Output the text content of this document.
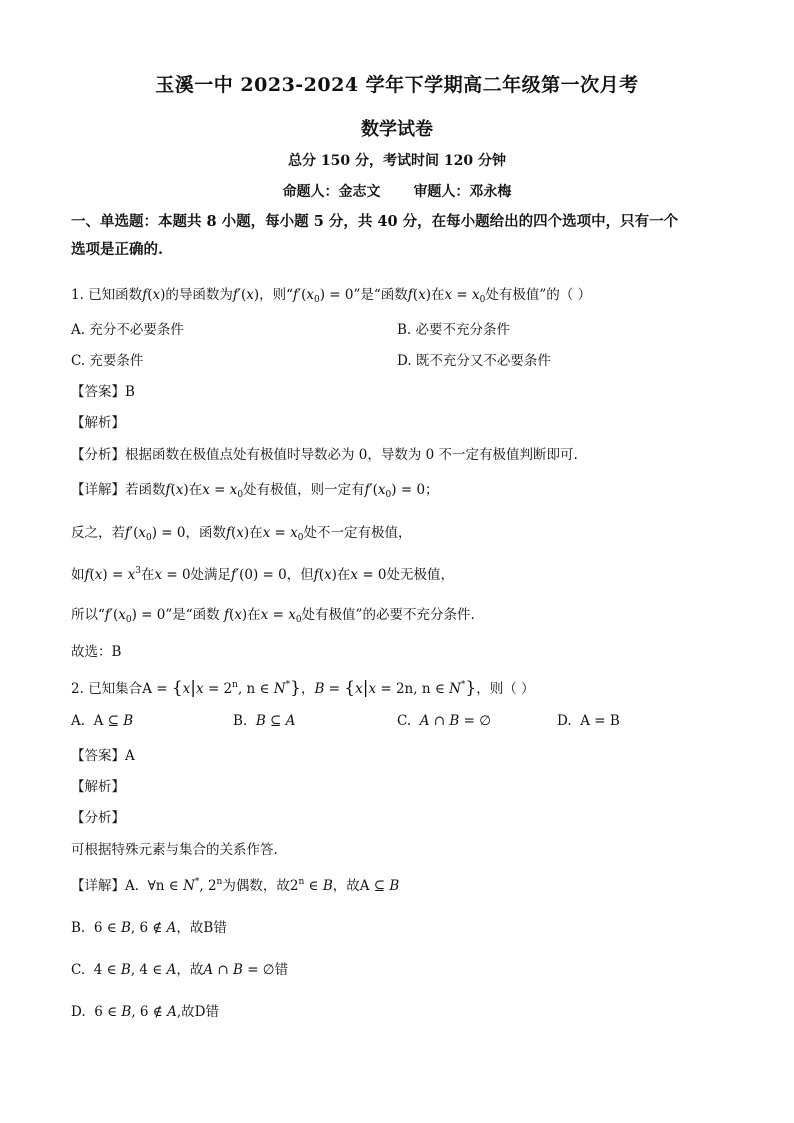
玉溪一中 2023-2024 学年下学期高二年级第一次月考
数学试卷
总分 150 分，考试时间 120 分钟
命题人：金志文 审题人：邓永梅
一、单选题：本题共 8 小题，每小题 5 分，共 40 分，在每小题给出的四个选项中，只有一个
选项是正确的.
1. 已知函数f(x)的导函数为f′(x)，则“$f'(x_0) = 0$”是“函数f(x)在$x = x_0$处有极值”的（ ）
A. 充分不必要条件	B. 必要不充分条件
C. 充要条件	D. 既不充分又不必要条件
【答案】B
【解析】
【分析】根据函数在极值点处有极值时导数必为 0，导数为 0 不一定有极值判断即可.
【详解】若函数f(x)在$x = x_0$处有极值，则一定有$f'(x_0) = 0$；
反之，若$f'(x_0) = 0$，函数f(x)在$x = x_0$处不一定有极值，
如$f(x) = x^3$在x = 0处满足f′(0) = 0，但f(x)在x = 0处无极值，
所以“$f'(x_0) = 0$”是“函数 f(x)在$x = x_0$处有极值”的必要不充分条件.
故选：B
2. 已知集合$A = \{x|x = 2^n$, n ∈ N*}，B = {x|x = 2n, n ∈ N*}，则（ ）
A. A ⊆ B	B. B ⊆ A	C. A ∩ B = ∅	D. A = B
【答案】A
【解析】
【分析】
可根据特殊元素与集合的关系作答.
【详解】A. ∀n ∈ N*, 2$^n$为偶数，故2$^n$ ∈ B，故A ⊆ B
B. 6 ∈ B, 6 ∉ A，故B错
C. 4 ∈ B, 4 ∈ A，故A ∩ B = ∅错
D. 6 ∈ B, 6 ∉ A,故D错
